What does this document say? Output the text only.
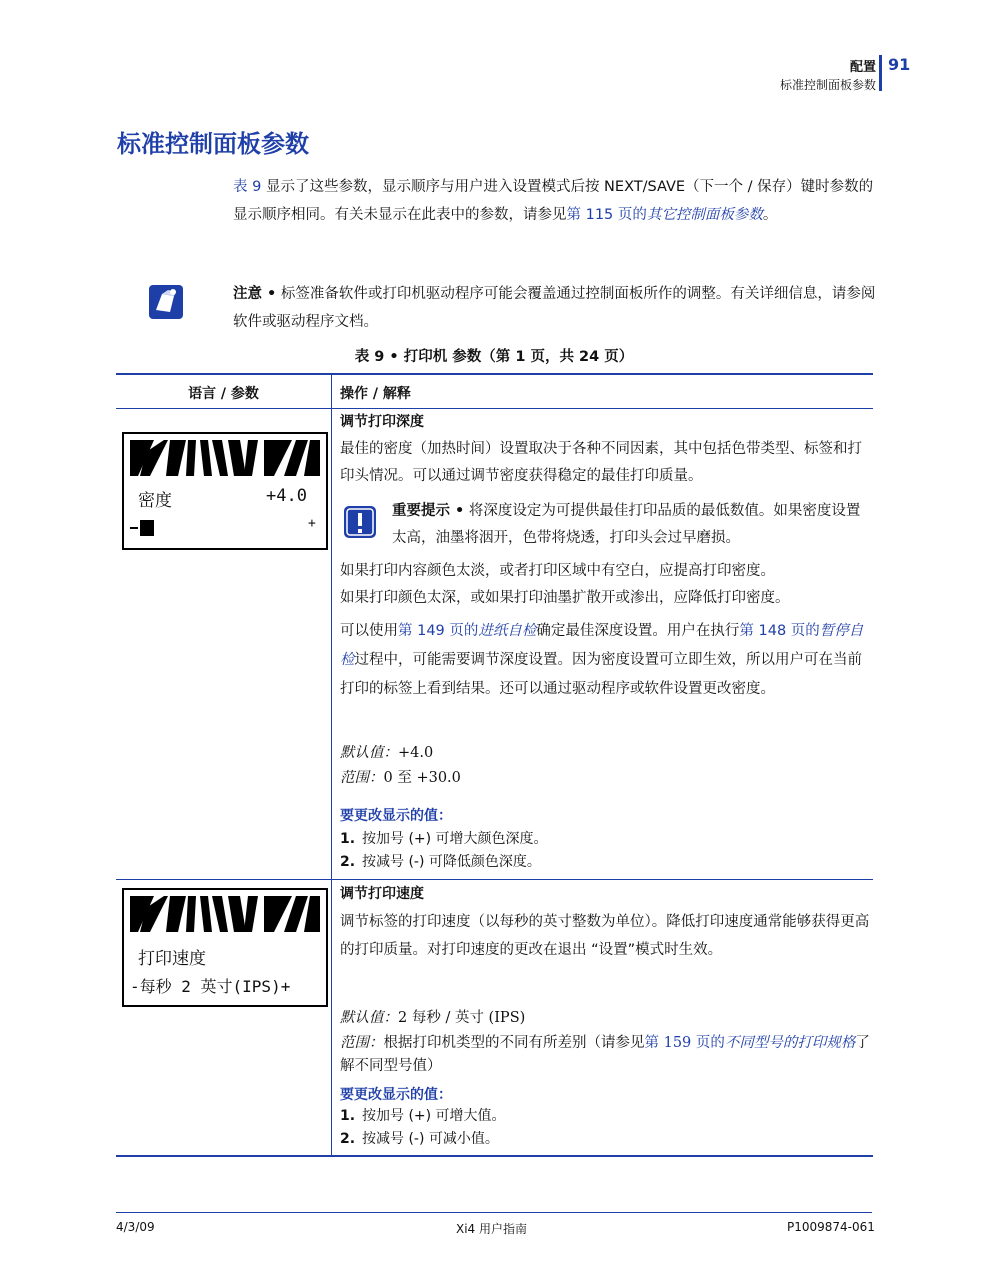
配置
标准控制面板参数
91
标准控制面板参数
表 9 显示了这些参数，显示顺序与用户进入设置模式后按 NEXT/SAVE（下一个 / 保存）键时参数的显示顺序相同。有关未显示在此表中的参数，请参见第 115 页的其它控制面板参数。
注意 • 标签准备软件或打印机驱动程序可能会覆盖通过控制面板所作的调整。有关详细信息，请参阅软件或驱动程序文档。
表 9 • 打印机 参数（第 1 页，共 24 页）
语言 / 参数	操作 / 解释
密度	+4.0
+
调节打印深度
最佳的密度（加热时间）设置取决于各种不同因素，其中包括色带类型、标签和打印头情况。可以通过调节密度获得稳定的最佳打印质量。
重要提示 • 将深度设定为可提供最佳打印品质的最低数值。如果密度设置太高，油墨将洇开，色带将烧透，打印头会过早磨损。
如果打印内容颜色太淡，或者打印区域中有空白，应提高打印密度。
如果打印颜色太深，或如果打印油墨扩散开或渗出，应降低打印密度。
可以使用第 149 页的进纸自检确定最佳深度设置。用户在执行第 148 页的暂停自检过程中，可能需要调节深度设置。因为密度设置可立即生效，所以用户可在当前打印的标签上看到结果。还可以通过驱动程序或软件设置更改密度。
默认值：+4.0
范围：0 至 +30.0
要更改显示的值：
1. 按加号 (+) 可增大颜色深度。
2. 按减号 (-) 可降低颜色深度。
打印速度
-每秒 2 英寸(IPS)+
调节打印速度
调节标签的打印速度（以每秒的英寸整数为单位）。降低打印速度通常能够获得更高的打印质量。对打印速度的更改在退出 “设置”模式时生效。
默认值：2 每秒 / 英寸 (IPS)
范围：根据打印机类型的不同有所差别（请参见第 159 页的不同型号的打印规格了解不同型号值）
要更改显示的值：
1. 按加号 (+) 可增大值。
2. 按减号 (-) 可减小值。
4/3/09	Xi4 用户指南	P1009874-061
